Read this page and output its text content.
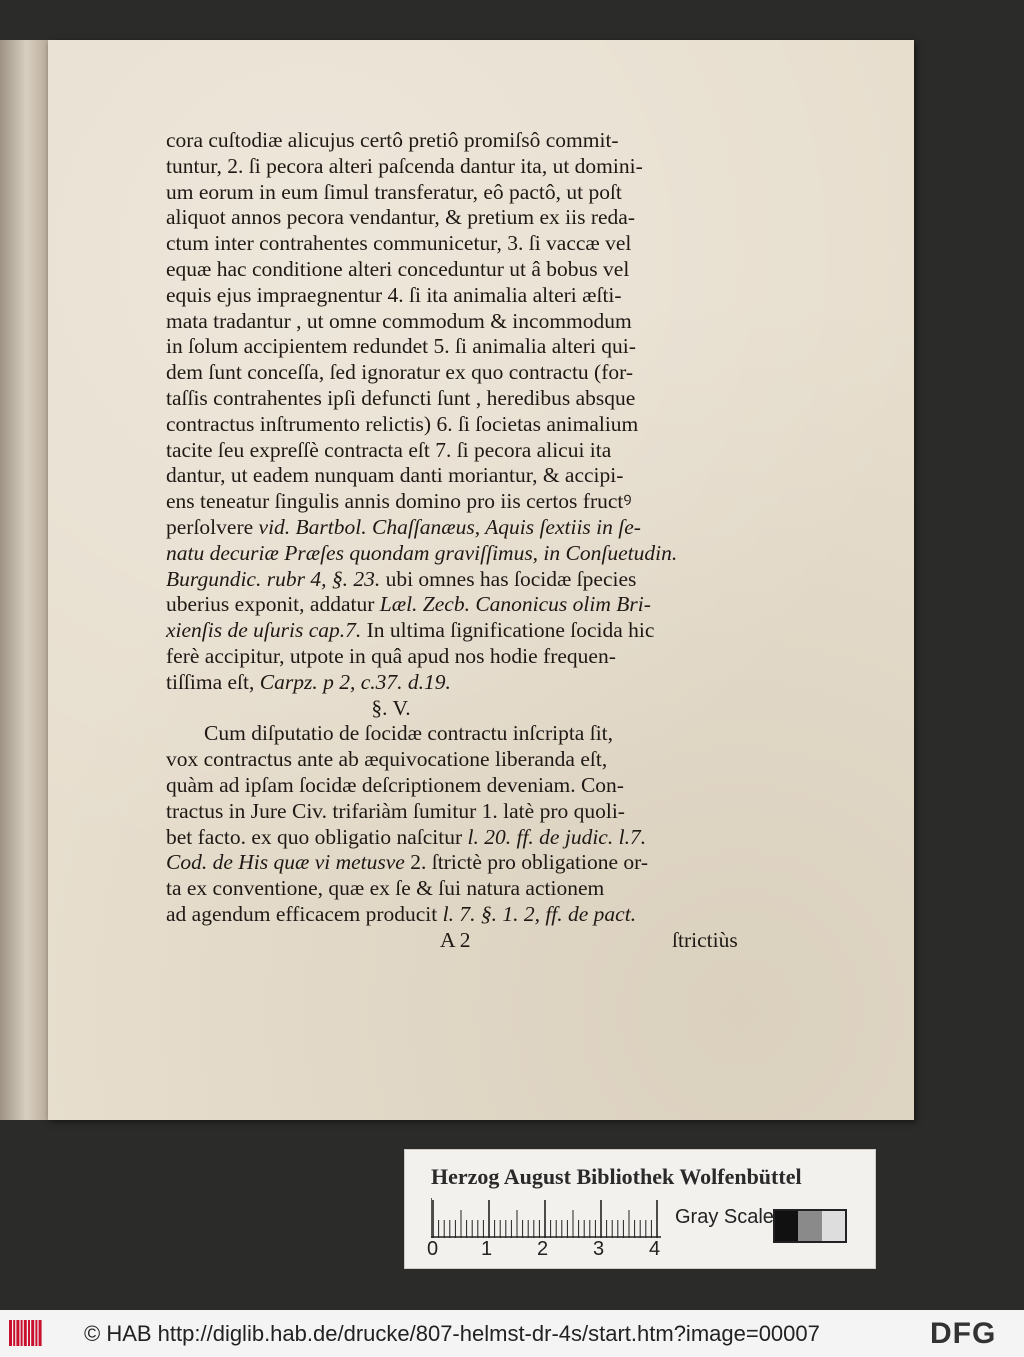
cora cuſtodiæ alicujus certô pretiô promiſsô commit-
tuntur, 2. ſi pecora alteri paſcenda dantur ita, ut domini-
um eorum in eum ſimul transferatur, eô pactô, ut poſt
aliquot annos pecora vendantur, & pretium ex iis reda-
ctum inter contrahentes communicetur, 3. ſi vaccæ vel
equæ hac conditione alteri conceduntur ut â bobus vel
equis ejus impraegnentur 4. ſi ita animalia alteri æſti-
mata tradantur , ut omne commodum & incommodum
in ſolum accipientem redundet 5. ſi animalia alteri qui-
dem ſunt conceſſa, ſed ignoratur ex quo contractu (for-
taſſis contrahentes ipſi defuncti ſunt , heredibus absque
contractus inſtrumento relictis) 6. ſi ſocietas animalium
tacite ſeu expreſſè contracta eſt 7. ſi pecora alicui ita
dantur, ut eadem nunquam danti moriantur, & accipi-
ens teneatur ſingulis annis domino pro iis certos fructꝰ
perſolvere vid. Bartbol. Chaſſanæus, Aquis ſextiis in ſe-
natu decuriæ Præſes quondam graviſſimus, in Conſuetudin.
Burgundic. rubr 4, §. 23. ubi omnes has ſocidæ ſpecies
uberius exponit, addatur Læl. Zecb. Canonicus olim Bri-
xienſis de uſuris cap.7. In ultima ſignificatione ſocida hic
ferè accipitur, utpote in quâ apud nos hodie frequen-
tiſſima eſt, Carpz. p 2, c.37. d.19.
§. V.
Cum diſputatio de ſocidæ contractu inſcripta ſit,
vox contractus ante ab æquivocatione liberanda eſt,
quàm ad ipſam ſocidæ deſcriptionem deveniam. Con-
tractus in Jure Civ. trifariàm ſumitur 1. latè pro quoli-
bet facto. ex quo obligatio naſcitur l. 20. ff. de judic. l.7.
Cod. de His quæ vi metusve 2. ſtrictè pro obligatione or-
ta ex conventione, quæ ex ſe & ſui natura actionem
ad agendum efficacem producit l. 7. §. 1. 2, ff. de pact.
A 2	ſtrictiùs
Herzog August Bibliothek Wolfenbüttel
0 1 2 3 4
Gray Scale
© HAB http://diglib.hab.de/drucke/807-helmst-dr-4s/start.htm?image=00007	DFG
